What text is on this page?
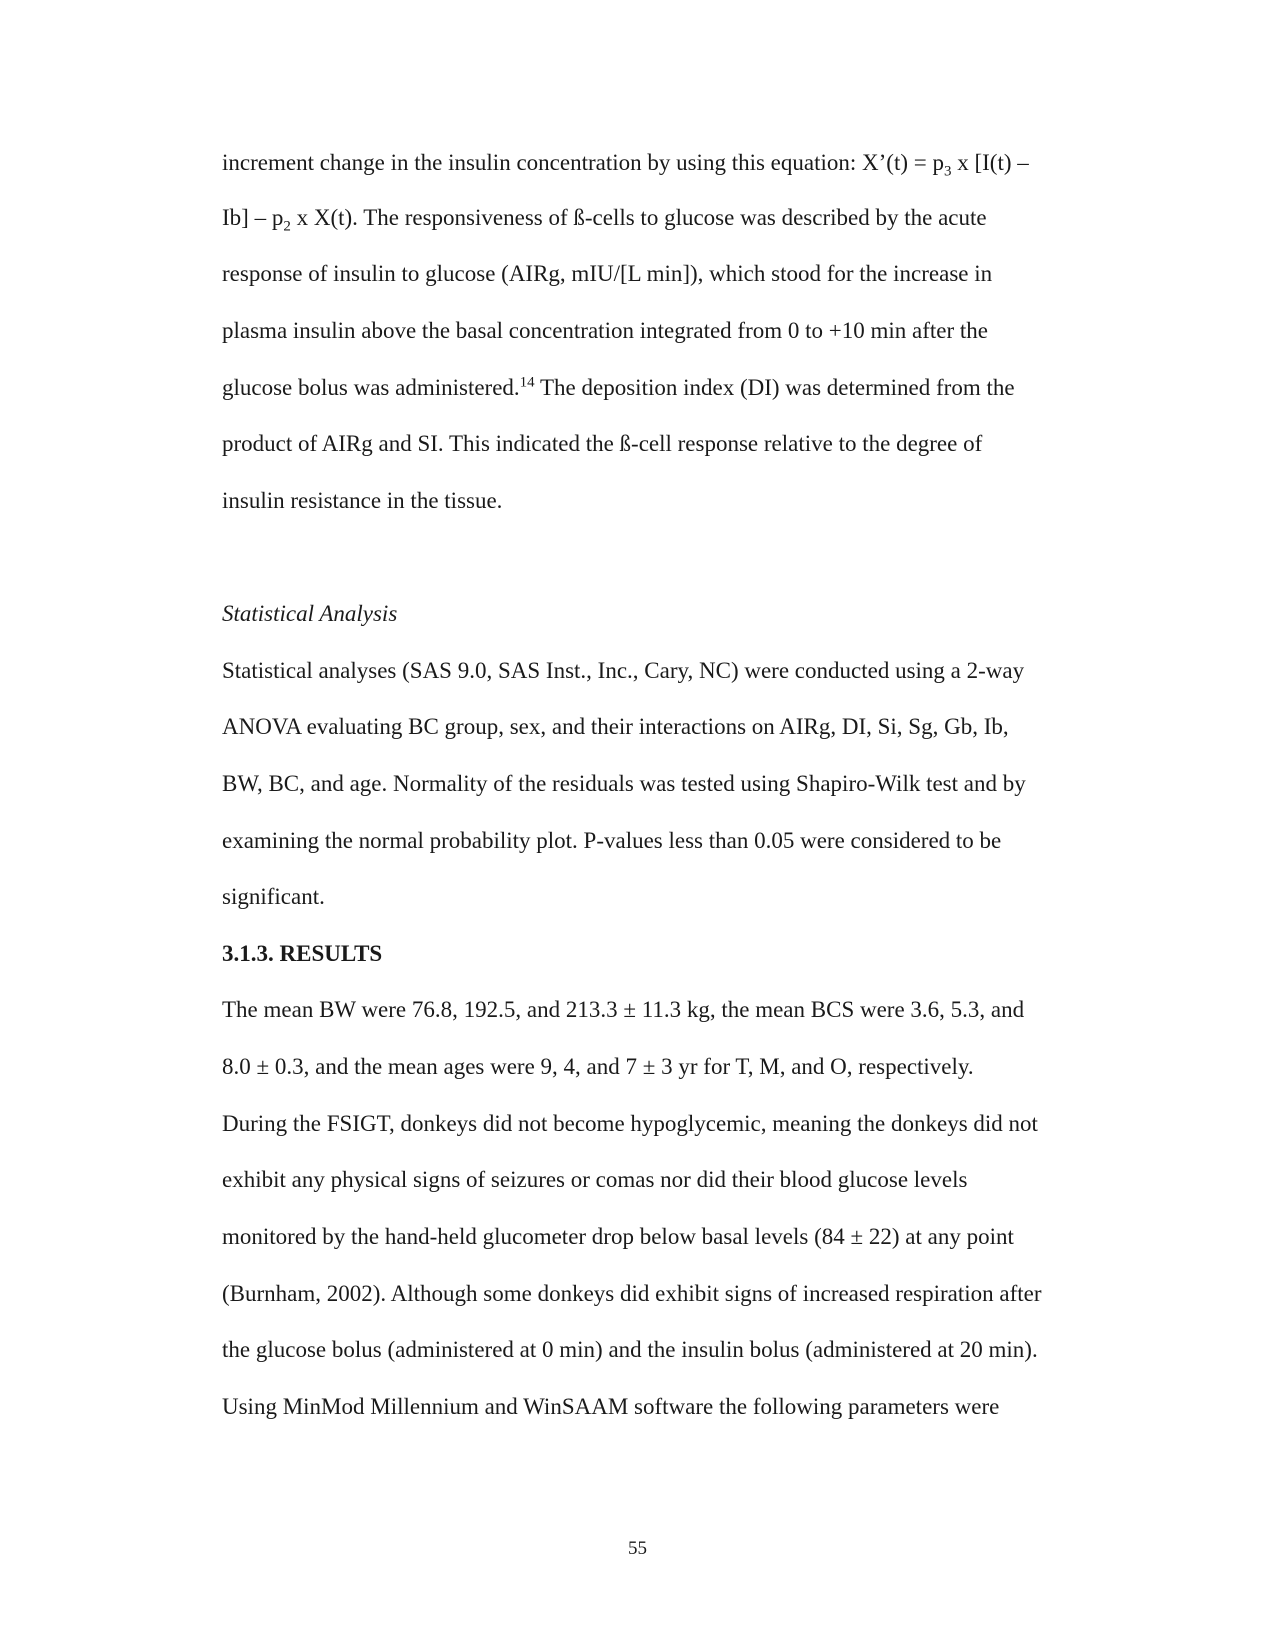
increment change in the insulin concentration by using this equation: X’(t) = $p_3$ x [I(t) –
$Ib] - p_2$ x X(t). The responsiveness of ß-cells to glucose was described by the acute
response of insulin to glucose (AIRg, mIU/[L min]), which stood for the increase in
plasma insulin above the basal concentration integrated from 0 to +10 min after the
glucose bolus was administered.$^{14}$ The deposition index (DI) was determined from the
product of AIRg and SI. This indicated the ß-cell response relative to the degree of
insulin resistance in the tissue.
Statistical Analysis
Statistical analyses (SAS 9.0, SAS Inst., Inc., Cary, NC) were conducted using a 2-way
ANOVA evaluating BC group, sex, and their interactions on AIRg, DI, Si, Sg, Gb, Ib,
BW, BC, and age. Normality of the residuals was tested using Shapiro-Wilk test and by
examining the normal probability plot. P-values less than 0.05 were considered to be
significant.
3.1.3. RESULTS
The mean BW were 76.8, 192.5, and 213.3 ± 11.3 kg, the mean BCS were 3.6, 5.3, and
8.0 ± 0.3, and the mean ages were 9, 4, and 7 ± 3 yr for T, M, and O, respectively.
During the FSIGT, donkeys did not become hypoglycemic, meaning the donkeys did not
exhibit any physical signs of seizures or comas nor did their blood glucose levels
monitored by the hand-held glucometer drop below basal levels (84 ± 22) at any point
(Burnham, 2002). Although some donkeys did exhibit signs of increased respiration after
the glucose bolus (administered at 0 min) and the insulin bolus (administered at 20 min).
Using MinMod Millennium and WinSAAM software the following parameters were
55
